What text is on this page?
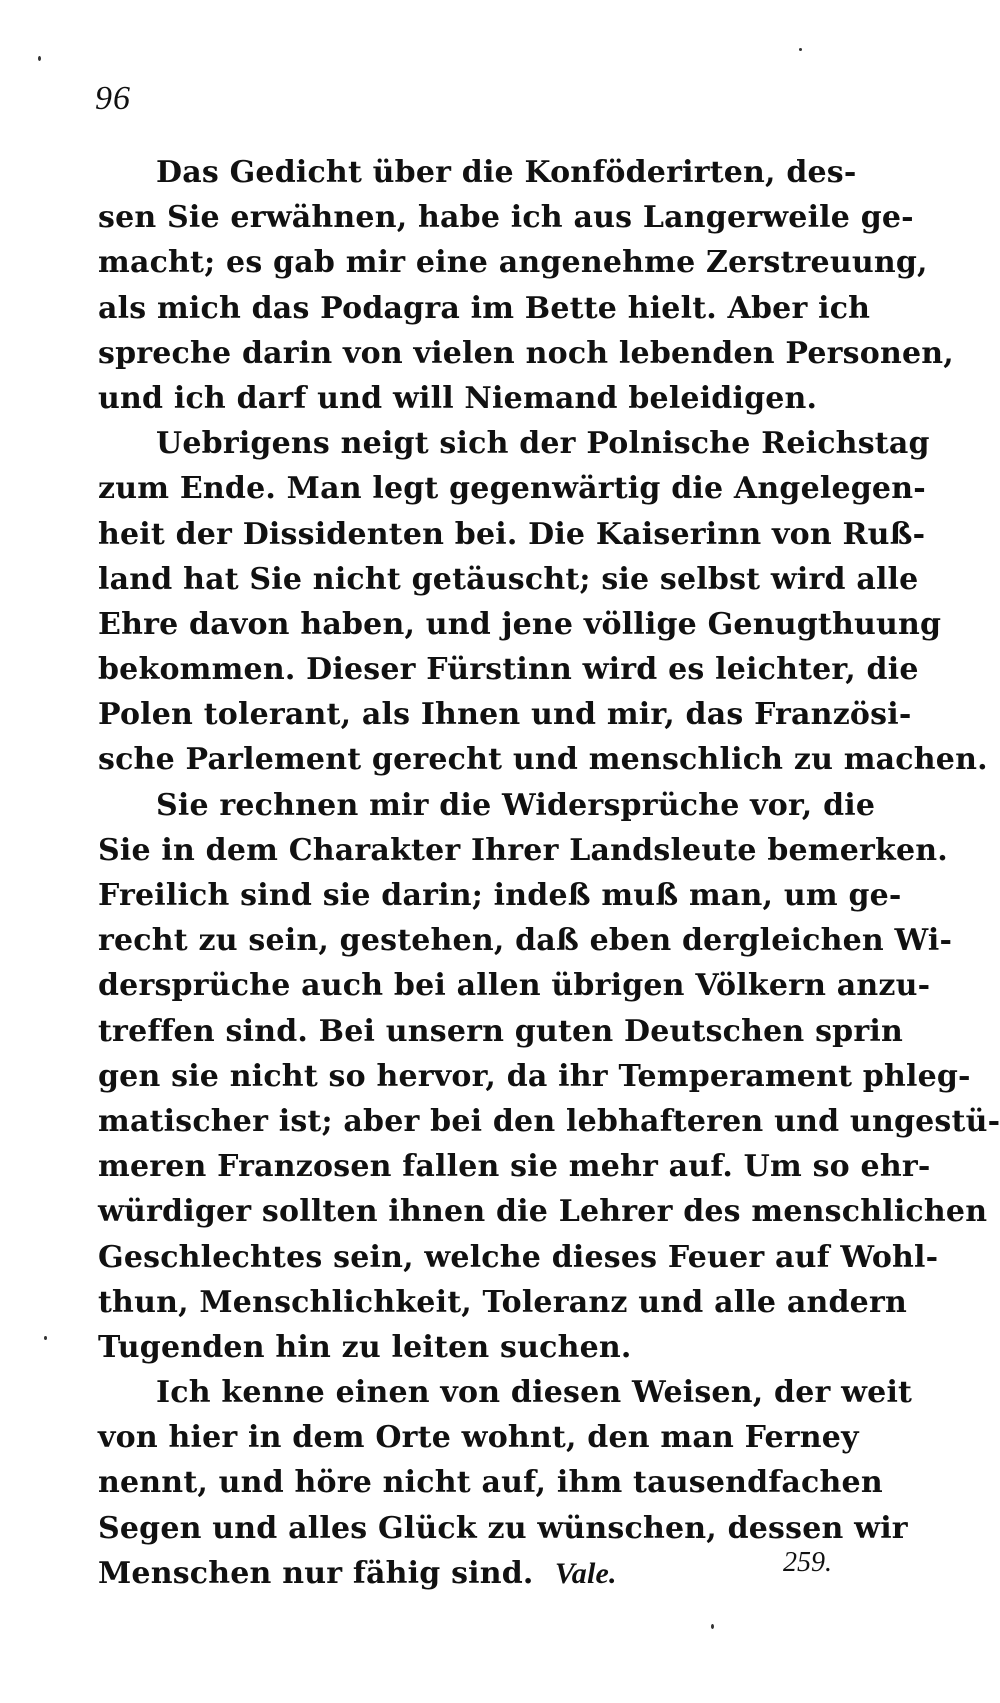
96
Das Gedicht über die Konföderirten, des-
sen Sie erwähnen, habe ich aus Langerweile ge-
macht; es gab mir eine angenehme Zerstreuung,
als mich das Podagra im Bette hielt. Aber ich
spreche darin von vielen noch lebenden Personen,
und ich darf und will Niemand beleidigen.
Uebrigens neigt sich der Polnische Reichstag
zum Ende. Man legt gegenwärtig die Angelegen-
heit der Dissidenten bei. Die Kaiserinn von Ruß-
land hat Sie nicht getäuscht; sie selbst wird alle
Ehre davon haben, und jene völlige Genugthuung
bekommen. Dieser Fürstinn wird es leichter, die
Polen tolerant, als Ihnen und mir, das Französi-
sche Parlement gerecht und menschlich zu machen.
Sie rechnen mir die Widersprüche vor, die
Sie in dem Charakter Ihrer Landsleute bemerken.
Freilich sind sie darin; indeß muß man, um ge-
recht zu sein, gestehen, daß eben dergleichen Wi-
dersprüche auch bei allen übrigen Völkern anzu-
treffen sind. Bei unsern guten Deutschen sprin
gen sie nicht so hervor, da ihr Temperament phleg-
matischer ist; aber bei den lebhafteren und ungestü-
meren Franzosen fallen sie mehr auf. Um so ehr-
würdiger sollten ihnen die Lehrer des menschlichen
Geschlechtes sein, welche dieses Feuer auf Wohl-
thun, Menschlichkeit, Toleranz und alle andern
Tugenden hin zu leiten suchen.
Ich kenne einen von diesen Weisen, der weit
von hier in dem Orte wohnt, den man Ferney
nennt, und höre nicht auf, ihm tausendfachen
Segen und alles Glück zu wünschen, dessen wir
Menschen nur fähig sind. Vale.	259.
